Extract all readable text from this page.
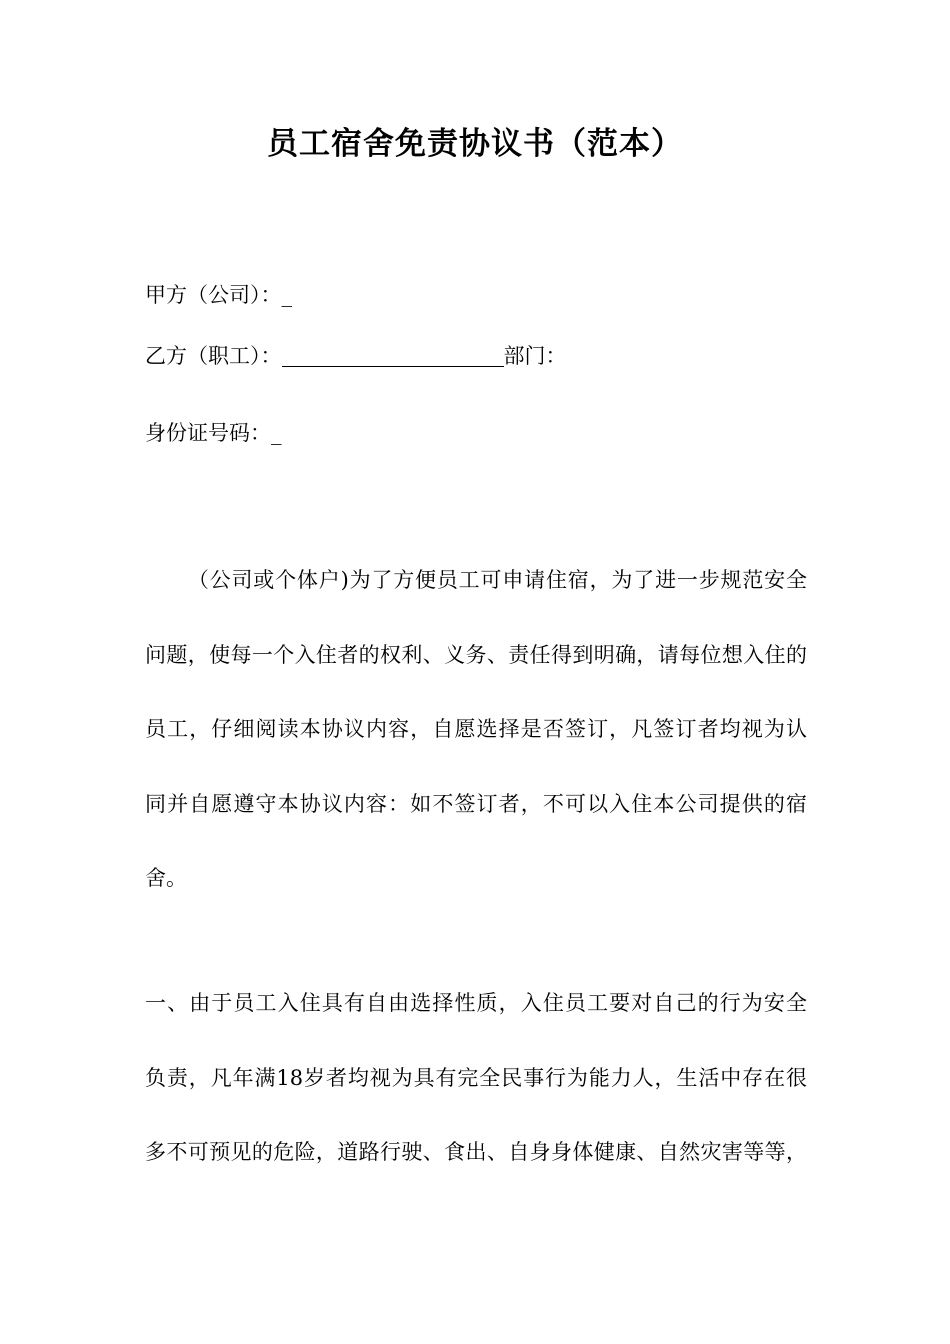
员工宿舍免责协议书（范本）
甲方（公司）：_
乙方（职工）：	部门：
身份证号码：_
（公司或个体户)为了方便员工可申请住宿，为了进一步规范安全
问题，使每一个入住者的权利、义务、责任得到明确，请每位想入住的
员工，仔细阅读本协议内容，自愿选择是否签订，凡签订者均视为认
同并自愿遵守本协议内容：如不签订者，不可以入住本公司提供的宿
舍。
一、由于员工入住具有自由选择性质，入住员工要对自己的行为安全
负责，凡年满18岁者均视为具有完全民事行为能力人，生活中存在很
多不可预见的危险，道路行驶、食出、自身身体健康、自然灾害等等，
